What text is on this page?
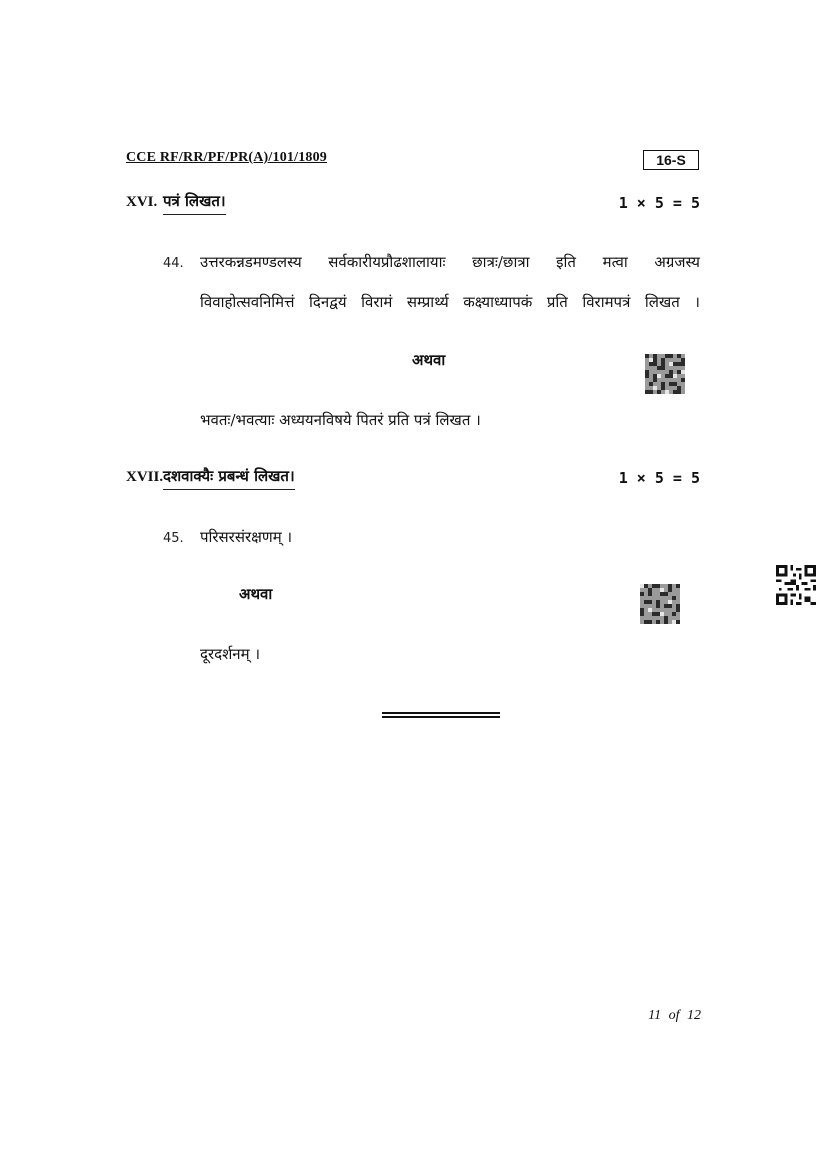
CCE RF/RR/PF/PR(A)/101/1809	16-S
XVI. पत्रं लिखत।	1 × 5 = 5
44. उत्तरकन्नडमण्डलस्य सर्वकारीयप्रौढशालायाः छात्रः/छात्रा इति मत्वा अग्रजस्य
विवाहोत्सवनिमित्तं दिनद्वयं विरामं सम्प्रार्थ्य कक्ष्याध्यापकं प्रति विरामपत्रं लिखत ।
अथवा
भवतः/भवत्याः अध्ययनविषये पितरं प्रति पत्रं लिखत ।
XVII. दशवाक्यैः प्रबन्धं लिखत।	1 × 5 = 5
45. परिसरसंरक्षणम् ।
अथवा
दूरदर्शनम् ।
11 of 12
